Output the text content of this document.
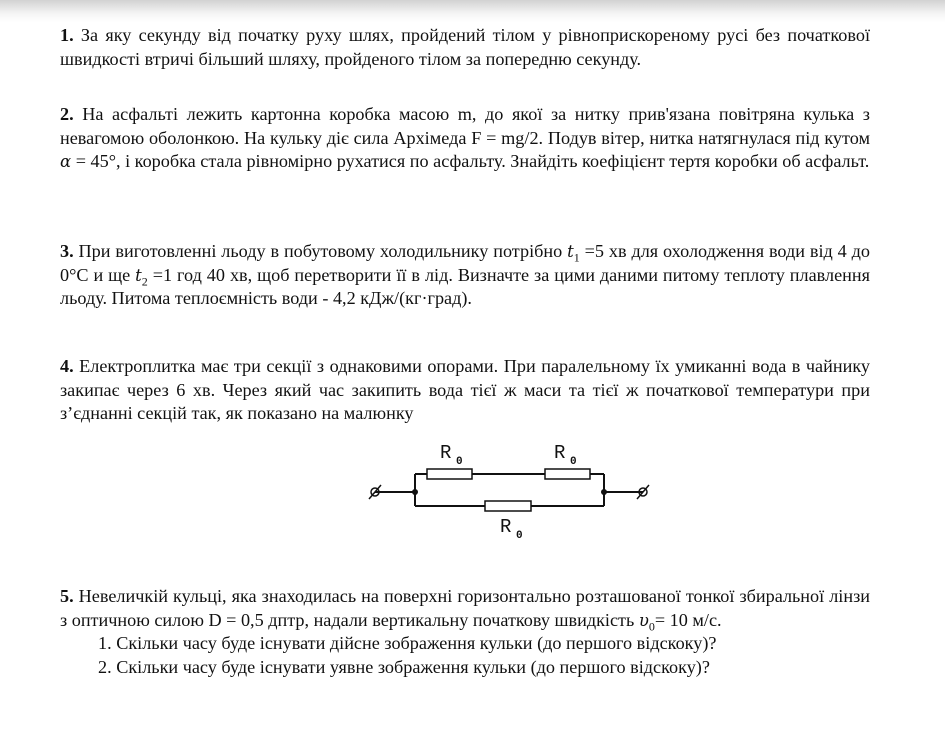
1. За яку секунду від початку руху шлях, пройдений тілом у рівноприскореному русі без початкової швидкості втричі більший шляху, пройденого тілом за попередню секунду.

2. На асфальті лежить картонна коробка масою m, до якої за нитку прив'язана повітряна кулька з невагомою оболонкою. На кульку діє сила Архімеда F = mg/2. Подув вітер, нитка натягнулася під кутом α = 45°, і коробка стала рівномірно рухатися по асфальту. Знайдіть коефіцієнт тертя коробки об асфальт.

3. При виготовленні льоду в побутовому холодильнику потрібно $t_1 =5$ хв для охолодження води від 4 до 0°С и ще $t_2 =1$ год 40 хв, щоб перетворити її в лід. Визначте за цими даними питому теплоту плавлення льоду. Питома теплоємність води - 4,2 кДж/(кг·град).

4. Електроплитка має три секції з однаковими опорами. При паралельному їх умиканні вода в чайнику закипає через 6 хв. Через який час закипить вода тієї ж маси та тієї ж початкової температури при з’єднанні секцій так, як показано на малюнку

R 0	R 0
R 0

5. Невеличкій кульці, яка знаходилась на поверхні горизонтально розташованої тонкої збиральної лінзи з оптичною силою D = 0,5 дптр, надали вертикальну початкову швидкість $\upsilon_0= 10$ м/с.

1. Скільки часу буде існувати дійсне зображення кульки (до першого відскоку)?

2. Скільки часу буде існувати уявне зображення кульки (до першого відскоку)?
